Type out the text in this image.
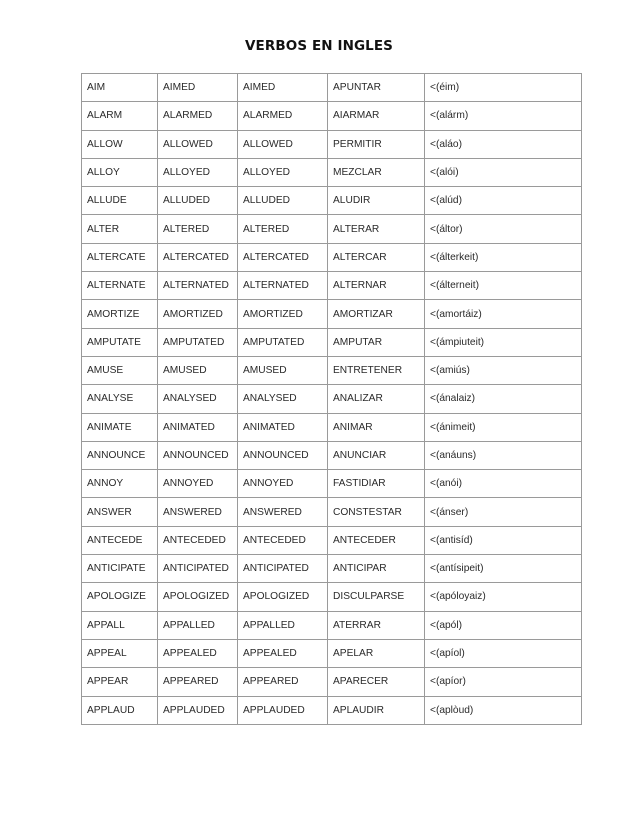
VERBOS EN INGLES
AIM	AIMED	AIMED	APUNTAR	<(éim)
ALARM	ALARMED	ALARMED	AIARMAR	<(alárm)
ALLOW	ALLOWED	ALLOWED	PERMITIR	<(aláo)
ALLOY	ALLOYED	ALLOYED	MEZCLAR	<(alói)
ALLUDE	ALLUDED	ALLUDED	ALUDIR	<(alúd)
ALTER	ALTERED	ALTERED	ALTERAR	<(áltor)
ALTERCATE	ALTERCATED	ALTERCATED	ALTERCAR	<(álterkeit)
ALTERNATE	ALTERNATED	ALTERNATED	ALTERNAR	<(álterneit)
AMORTIZE	AMORTIZED	AMORTIZED	AMORTIZAR	<(amortáiz)
AMPUTATE	AMPUTATED	AMPUTATED	AMPUTAR	<(ámpiuteit)
AMUSE	AMUSED	AMUSED	ENTRETENER	<(amiús)
ANALYSE	ANALYSED	ANALYSED	ANALIZAR	<(ánalaiz)
ANIMATE	ANIMATED	ANIMATED	ANIMAR	<(ánimeit)
ANNOUNCE	ANNOUNCED	ANNOUNCED	ANUNCIAR	<(anáuns)
ANNOY	ANNOYED	ANNOYED	FASTIDIAR	<(anói)
ANSWER	ANSWERED	ANSWERED	CONSTESTAR	<(ánser)
ANTECEDE	ANTECEDED	ANTECEDED	ANTECEDER	<(antisíd)
ANTICIPATE	ANTICIPATED	ANTICIPATED	ANTICIPAR	<(antísipeit)
APOLOGIZE	APOLOGIZED	APOLOGIZED	DISCULPARSE	<(apóloyaiz)
APPALL	APPALLED	APPALLED	ATERRAR	<(apól)
APPEAL	APPEALED	APPEALED	APELAR	<(apíol)
APPEAR	APPEARED	APPEARED	APARECER	<(apíor)
APPLAUD	APPLAUDED	APPLAUDED	APLAUDIR	<(aplòud)
